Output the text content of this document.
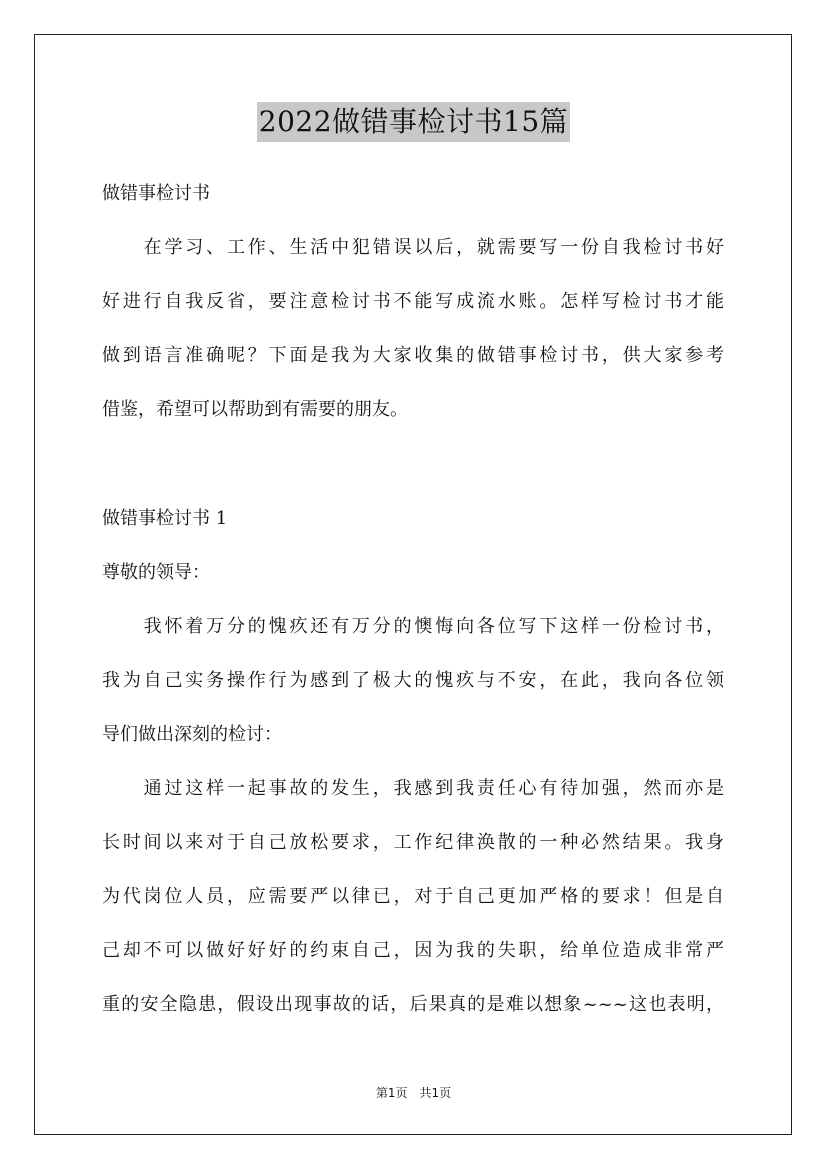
2022做错事检讨书15篇
做错事检讨书
　　在学习、工作、生活中犯错误以后，就需要写一份自我检讨书好
好进行自我反省，要注意检讨书不能写成流水账。怎样写检讨书才能
做到语言准确呢？下面是我为大家收集的做错事检讨书，供大家参考
借鉴，希望可以帮助到有需要的朋友。
做错事检讨书 1
尊敬的领导：
　　我怀着万分的愧疚还有万分的懊悔向各位写下这样一份检讨书，
我为自己实务操作行为感到了极大的愧疚与不安，在此，我向各位领
导们做出深刻的检讨：
　　通过这样一起事故的发生，我感到我责任心有待加强，然而亦是
长时间以来对于自己放松要求，工作纪律涣散的一种必然结果。我身
为代岗位人员，应需要严以律已，对于自己更加严格的要求！但是自
己却不可以做好好好的约束自己，因为我的失职，给单位造成非常严
重的安全隐患，假设出现事故的话，后果真的是难以想象~~~这也表明，
第1页　共1页
